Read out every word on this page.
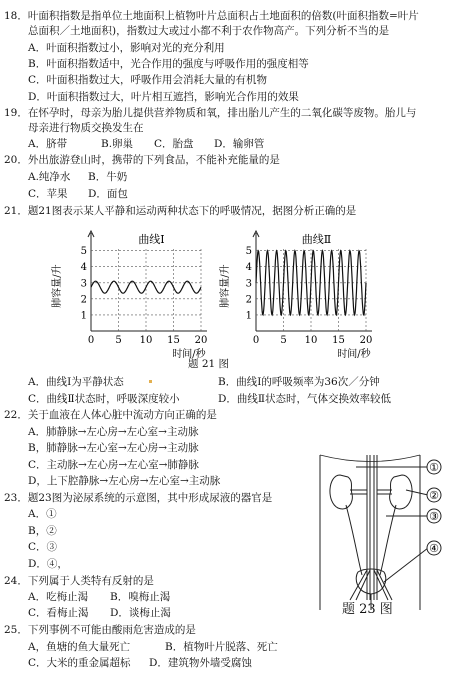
18．叶面积指数是指单位土地面积上植物叶片总面积占土地面积的倍数(叶面积指数=叶片
总面积／土地面积)，指数过大或过小都不利于农作物高产。下列分析不当的是
A．叶面积指数过小，影响对光的充分利用
B．叶面积指数适中，光合作用的强度与呼吸作用的强度相等
C．叶面积指数过大，呼吸作用会消耗大量的有机物
D．叶面积指数过大，叶片相互遮挡，影响光合作用的效果
19．在怀孕时，母亲为胎儿提供营养物质和氧，排出胎儿产生的二氧化碳等废物。胎儿与
母亲进行物质交换发生在
A．脐带	B.卵巢 C．胎盘 D．输卵管
20．外出旅游登山时，携带的下列食品，不能补充能量的是
A.纯净水 B．牛奶
C．苹果 D．面包
21．题21图表示某人平静和运动两种状态下的呼吸情况，据图分析正确的是
1
2
3
4
5
0 5 10 15 20
曲线Ⅰ
肺容量/升
时间/秒
1
2
3
4
5
0 5 10 15 20
曲线Ⅱ
肺容量/升
时间/秒
题 21 图
A．曲线Ⅰ为平静状态	B．曲线Ⅰ的呼吸频率为36次／分钟
C．曲线Ⅱ状态时，呼吸深度较小	D．曲线Ⅱ状态时，气体交换效率较低
22．关于血液在人体心脏中流动方向正确的是
A．肺静脉→左心房→左心室→主动脉
B，肺静脉→左心室→左心房→主动脉
C．主动脉→左心房→左心室→肺静脉
D，上下腔静脉→左心房→左心室→主动脉
23．题23图为泌尿系统的示意图，其中形成尿液的器官是
A．①
B，②
C．③
D．④，
24．下列属于人类特有反射的是
A．吃梅止渴 B．嗅梅止渴
C．看梅止渴 D．谈梅止渴
25．下列事例不可能由酸雨危害造成的是
A，鱼塘的鱼大量死亡	B．植物叶片脱落、死亡
C．大米的重金属超标 D．建筑物外墙受腐蚀
①
②
③
④
题 23 图
